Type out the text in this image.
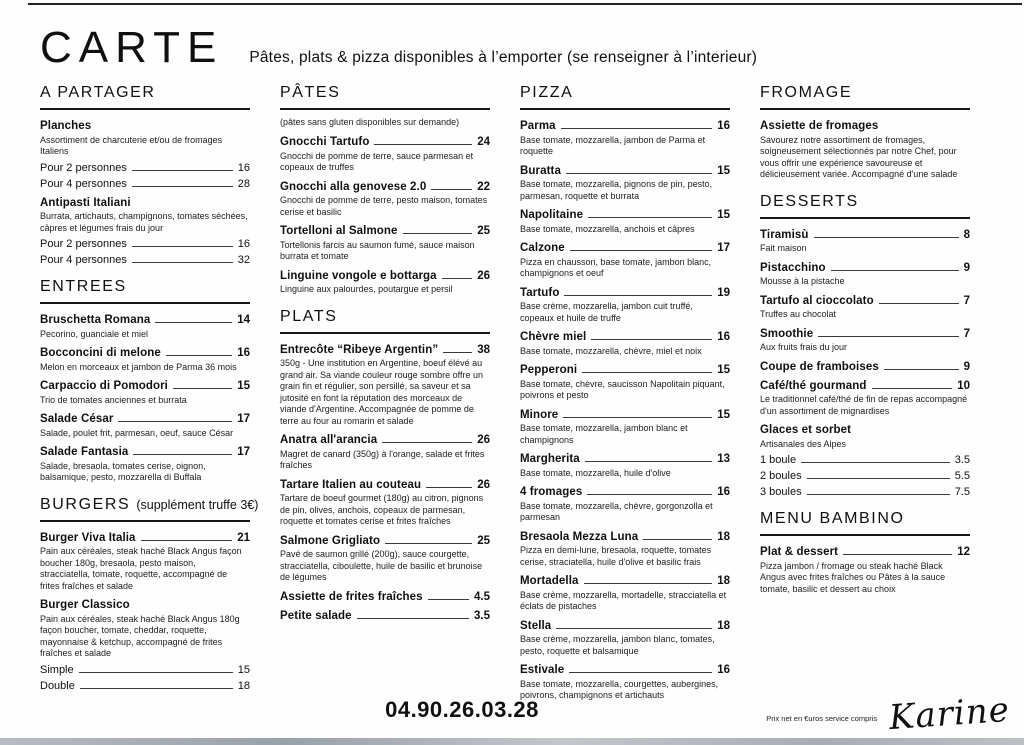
CARTE Pâtes, plats & pizza disponibles à l’emporter (se renseigner à l’interieur)
A PARTAGER
Planches
Assortiment de charcuterie et/ou de fromages Italiens
Pour 2 personnes	16
Pour 4 personnes	28
Antipasti Italiani
Burrata, artichauts, champignons, tomates séchées, câpres et légumes frais du jour
Pour 2 personnes	16
Pour 4 personnes	32
ENTREES
Bruschetta Romana	14
Pecorino, guanciale et miel
Bocconcini di melone	16
Melon en morceaux et jambon de Parma 36 mois
Carpaccio di Pomodori	15
Trio de tomates anciennes et burrata
Salade César	17
Salade, poulet frit, parmesan, oeuf, sauce César
Salade Fantasia	17
Salade, bresaola, tomates cerise, oignon, balsamique, pesto, mozzarella di Buffala
BURGERS (supplément truffe 3€)
Burger Viva Italia	21
Pain aux céréales, steak haché Black Angus façon boucher 180g, bresaola, pesto maison, stracciatella, tomate, roquette, accompagné de frites fraîches et salade
Burger Classico
Pain aux céréales, steak haché Black Angus 180g façon boucher, tomate, cheddar, roquette, mayonnaise & ketchup, accompagné de frites fraîches et salade
Simple	15
Double	18
PÂTES
(pâtes sans gluten disponibles sur demande)
Gnocchi Tartufo	24
Gnocchi de pomme de terre, sauce parmesan et copeaux de truffes
Gnocchi alla genovese 2.0	22
Gnocchi de pomme de terre, pesto maison, tomates cerise et basilic
Tortelloni al Salmone	25
Tortellonis farcis au saumon fumé, sauce maison burrata et tomate
Linguine vongole e bottarga	26
Linguine aux palourdes, poutargue et persil
PLATS
Entrecôte “Ribeye Argentin”	38
350g - Une institution en Argentine, boeuf élévé au grand air. Sa viande couleur rouge sombre offre un grain fin et régulier, son persillé, sa saveur et sa jutosité en font la réputation des morceaux de viande d'Argentine. Accompagnée de pomme de terre au four au romarin et salade
Anatra all'arancia	26
Magret de canard (350g) à l'orange, salade et frites fraîches
Tartare Italien au couteau	26
Tartare de boeuf gourmet (180g) au citron, pignons de pin, olives, anchois, copeaux de parmesan, roquette et tomates cerise et frites fraîches
Salmone Grigliato	25
Pavé de saumon grillé (200g), sauce courgette, stracciatella, ciboulette, huile de basilic et brunoise de légumes
Assiette de frites fraîches	4.5
Petite salade	3.5
PIZZA
Parma	16
Base tomate, mozzarella, jambon de Parma et roquette
Buratta	15
Base tomate, mozzarella, pignons de pin, pesto, parmesan, roquette et burrata
Napolitaine	15
Base tomate, mozzarella, anchois et câpres
Calzone	17
Pizza en chausson, base tomate, jambon blanc, champignons et oeuf
Tartufo	19
Base crème, mozzarella, jambon cuit truffé, copeaux et huile de truffe
Chèvre miel	16
Base tomate, mozzarella, chèvre, miel et noix
Pepperoni	15
Base tomate, chèvre, saucisson Napolitain piquant, poivrons et pesto
Minore	15
Base tomate, mozzarella, jambon blanc et champignons
Margherita	13
Base tomate, mozzarella, huile d'olive
4 fromages	16
Base tomate, mozzarella, chèvre, gorgonzolla et parmesan
Bresaola Mezza Luna	18
Pizza en demi-lune, bresaola, roquette, tomates cerise, straciatella, huile d'olive et basilic frais
Mortadella	18
Base crème, mozzarella, mortadelle, stracciatella et éclats de pistaches
Stella	18
Base crème, mozzarella, jambon blanc, tomates, pesto, roquette et balsamique
Estivale	16
Base tomate, mozzarella, courgettes, aubergines, poivrons, champignons et artichauts
FROMAGE
Assiette de fromages
Savourez notre assortiment de fromages, soigneusement sélectionnés par notre Chef, pour vous offrir une expérience savoureuse et délicieusement variée. Accompagné d'une salade
DESSERTS
Tiramisù	8
Fait maison
Pistacchino	9
Mousse à la pistache
Tartufo al cioccolato	7
Truffes au chocolat
Smoothie	7
Aux fruits frais du jour
Coupe de framboises	9
Café/thé gourmand	10
Le traditionnel café/thé de fin de repas accompagné d'un assortiment de mignardises
Glaces et sorbet
Artisanales des Alpes
1 boule	3.5
2 boules	5.5
3 boules	7.5
MENU BAMBINO
Plat & dessert	12
Pizza jambon / fromage ou steak haché Black Angus avec frites fraîches ou Pâtes à la sauce tomate, basilic et dessert au choix
04.90.26.03.28	Prix net en €uros service compris Karine
